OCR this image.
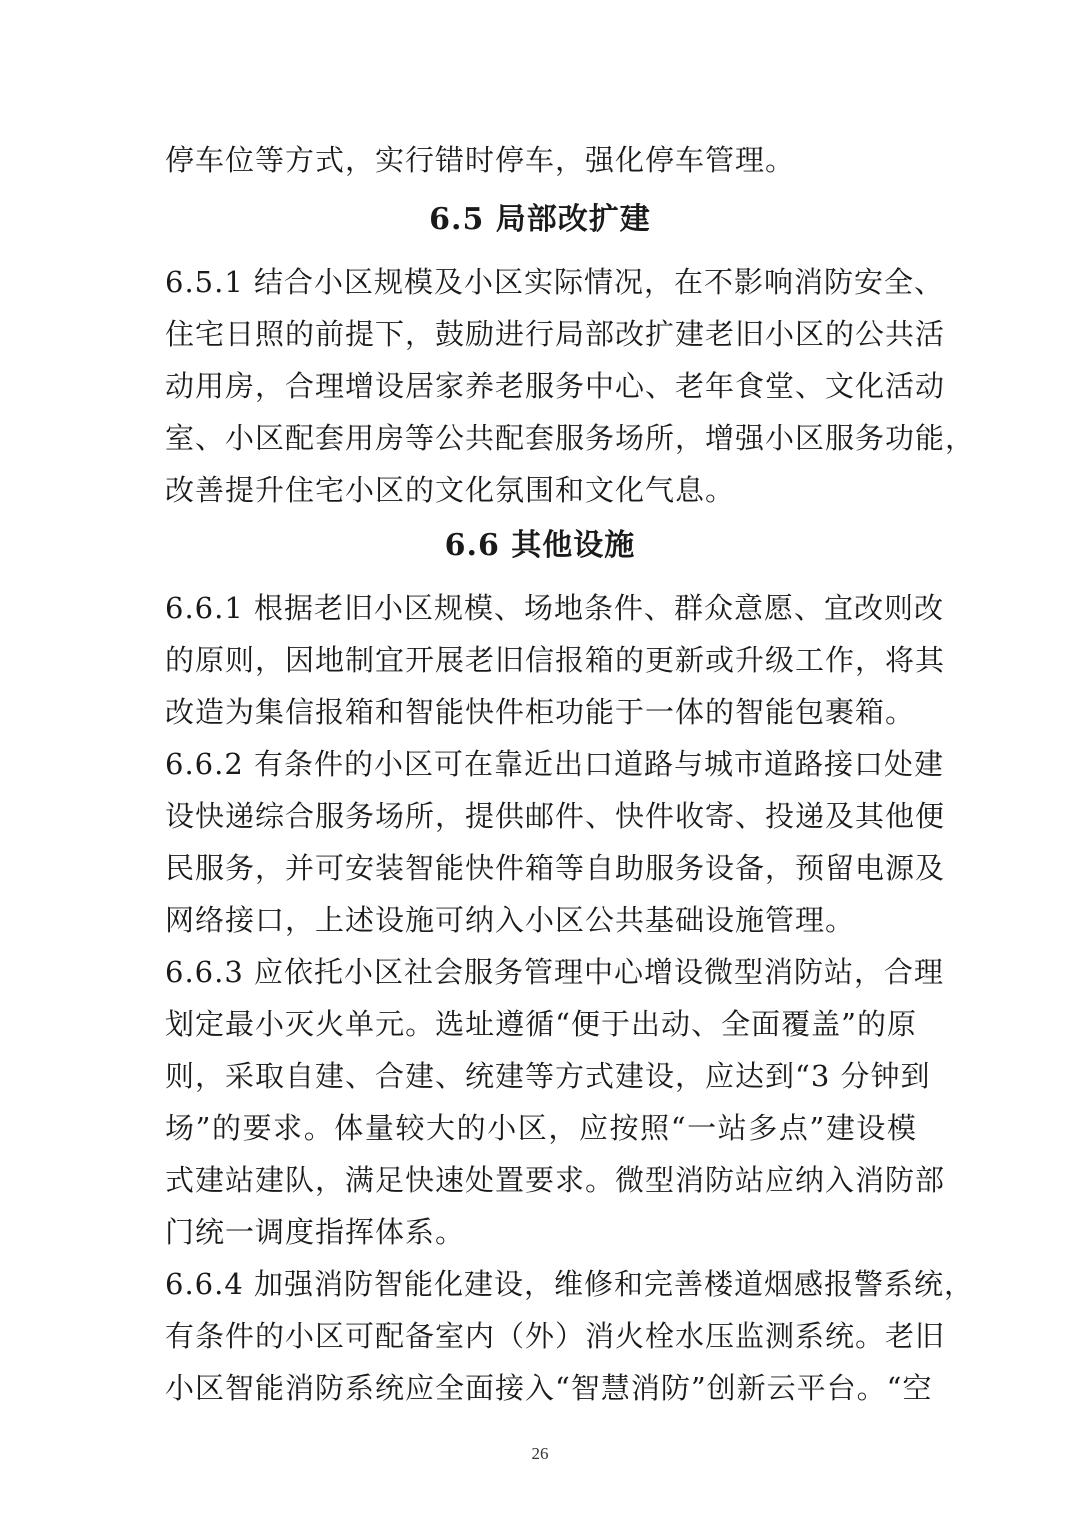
停车位等方式，实行错时停车，强化停车管理。
6.5 局部改扩建
6.5.1 结合小区规模及小区实际情况，在不影响消防安全、
住宅日照的前提下，鼓励进行局部改扩建老旧小区的公共活
动用房，合理增设居家养老服务中心、老年食堂、文化活动
室、小区配套用房等公共配套服务场所，增强小区服务功能，
改善提升住宅小区的文化氛围和文化气息。
6.6 其他设施
6.6.1 根据老旧小区规模、场地条件、群众意愿、宜改则改
的原则，因地制宜开展老旧信报箱的更新或升级工作，将其
改造为集信报箱和智能快件柜功能于一体的智能包裹箱。
6.6.2 有条件的小区可在靠近出口道路与城市道路接口处建
设快递综合服务场所，提供邮件、快件收寄、投递及其他便
民服务，并可安装智能快件箱等自助服务设备，预留电源及
网络接口，上述设施可纳入小区公共基础设施管理。
6.6.3 应依托小区社会服务管理中心增设微型消防站，合理
划定最小灭火单元。选址遵循“便于出动、全面覆盖”的原
则，采取自建、合建、统建等方式建设，应达到“3 分钟到
场”的要求。体量较大的小区，应按照“一站多点”建设模
式建站建队，满足快速处置要求。微型消防站应纳入消防部
门统一调度指挥体系。
6.6.4 加强消防智能化建设，维修和完善楼道烟感报警系统，
有条件的小区可配备室内（外）消火栓水压监测系统。老旧
小区智能消防系统应全面接入“智慧消防”创新云平台。“空
26
